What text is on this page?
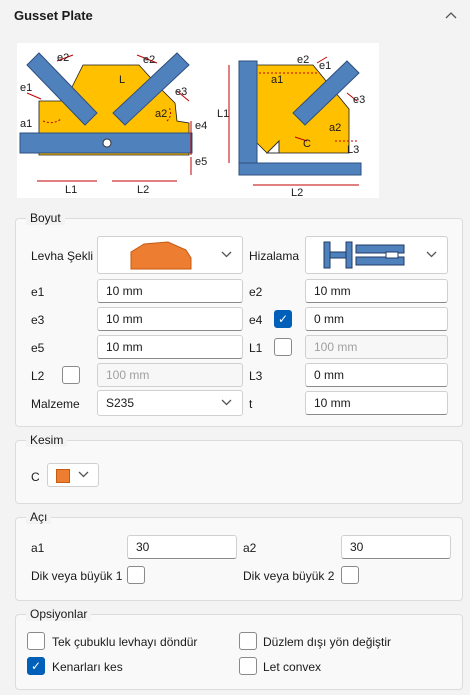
Gusset Plate
e2	e2
e1
L
e3
a1
a2
e4
e5
L1	L2
e2
a1
e1
e3
L1
C
a2
L3
L2
Boyut
Levha Şekli	Hizalama
e1	10 mm	e2	10 mm
e3	10 mm	e4	✓	0 mm
e5	10 mm	L1	100 mm
L2	100 mm	L3	0 mm
Malzeme	S235	t	10 mm
Kesim
C
Açı
a1	30	a2	30
Dik veya büyük 1	Dik veya büyük 2
Opsiyonlar
Tek çubuklu levhayı döndür	Düzlem dışı yön değiştir
✓ Kenarları kes	Let convex
